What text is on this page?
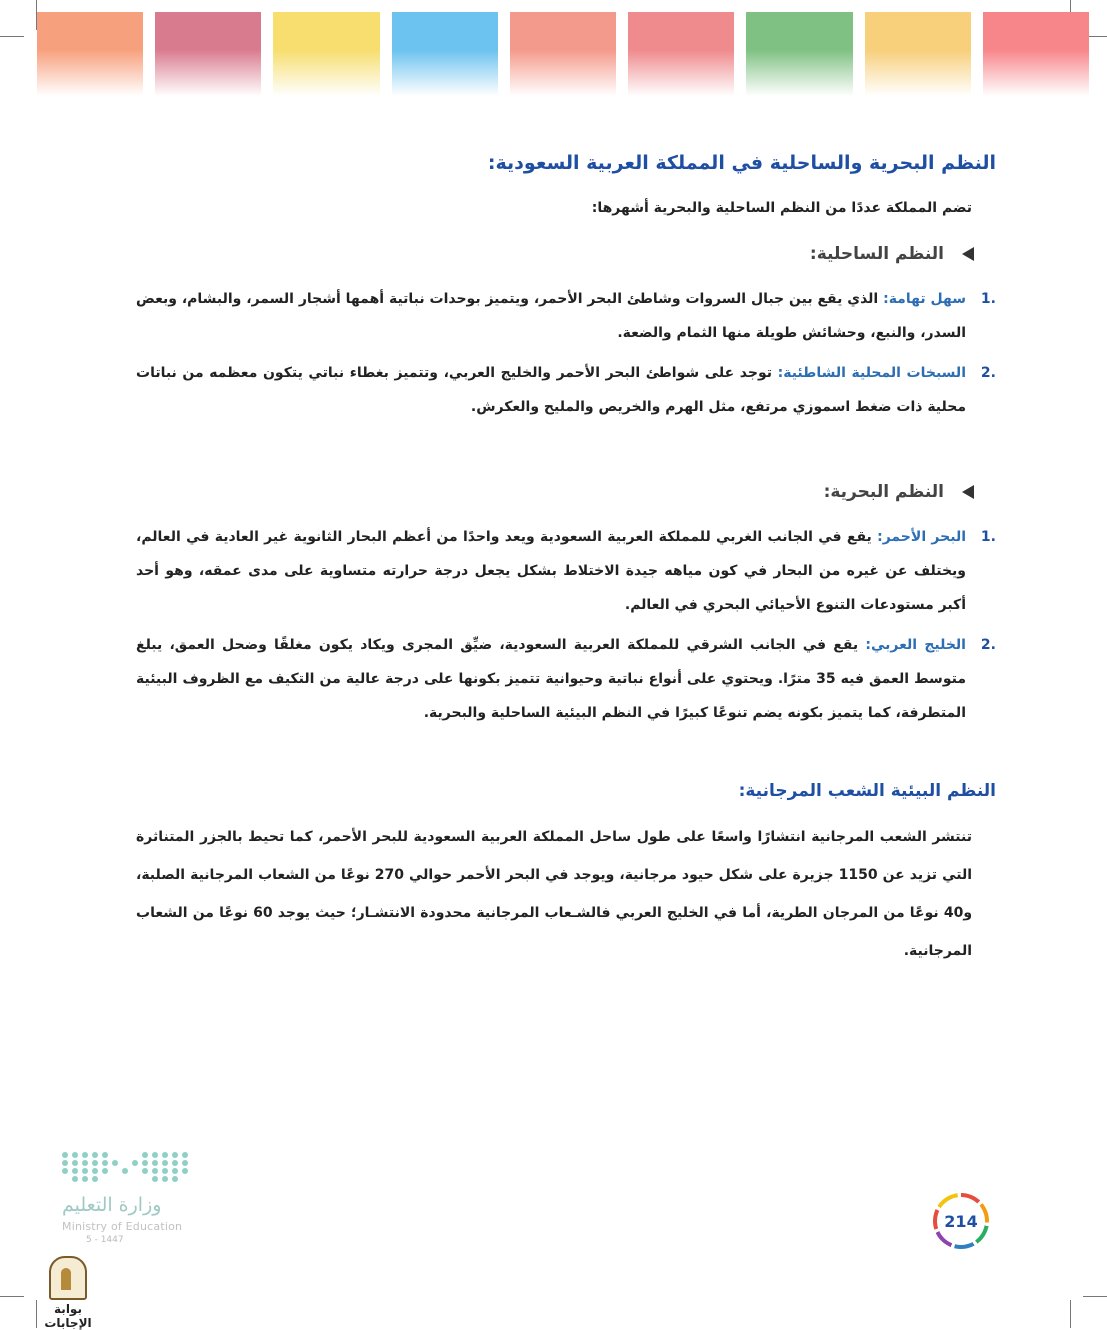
النظم البحرية والساحلية في المملكة العربية السعودية:
تضم المملكة عددًا من النظم الساحلية والبحرية أشهرها:
النظم الساحلية:
.1
سهل تهامة: الذي يقع بين جبال السروات وشاطئ البحر الأحمر، ويتميز بوحدات نباتية أهمها أشجار السمر، والبشام، وبعض السدر، والنبع، وحشائش طويلة منها الثمام والضعة.
.2
السبخات المحلية الشاطئية: توجد على شواطئ البحر الأحمر والخليج العربي، وتتميز بغطاء نباتي يتكون معظمه من نباتات محلية ذات ضغط اسموزي مرتفع، مثل الهرم والخريص والمليح والعكرش.
النظم البحرية:
.1
البحر الأحمر: يقع في الجانب الغربي للمملكة العربية السعودية ويعد واحدًا من أعظم البحار الثانوية غير العادية في العالم، ويختلف عن غيره من البحار في كون مياهه جيدة الاختلاط بشكل يجعل درجة حرارته متساوية على مدى عمقه، وهو أحد أكبر مستودعات التنوع الأحيائي البحري في العالم.
.2
الخليج العربي: يقع في الجانب الشرقي للمملكة العربية السعودية، ضيِّق المجرى ويكاد يكون مغلقًا وضحل العمق، يبلغ متوسط العمق فيه 35 مترًا. ويحتوي على أنواع نباتية وحيوانية تتميز بكونها على درجة عالية من التكيف مع الظروف البيئية المتطرفة، كما يتميز بكونه يضم تنوعًا كبيرًا في النظم البيئية الساحلية والبحرية.
النظم البيئية الشعب المرجانية:
تنتشر الشعب المرجانية انتشارًا واسعًا على طول ساحل المملكة العربية السعودية للبحر الأحمر، كما تحيط بالجزر المتناثرة التي تزيد عن 1150 جزيرة على شكل حيود مرجانية، ويوجد في البحر الأحمر حوالي 270 نوعًا من الشعاب المرجانية الصلبة، و40 نوعًا من المرجان الطرية، أما في الخليج العربي فالشـعاب المرجانية محدودة الانتشـار؛ حيث يوجد 60 نوعًا من الشعاب المرجانية.
وزارة التعليم
Ministry of Education
5 - 1447
بوابة الإجابات
214
